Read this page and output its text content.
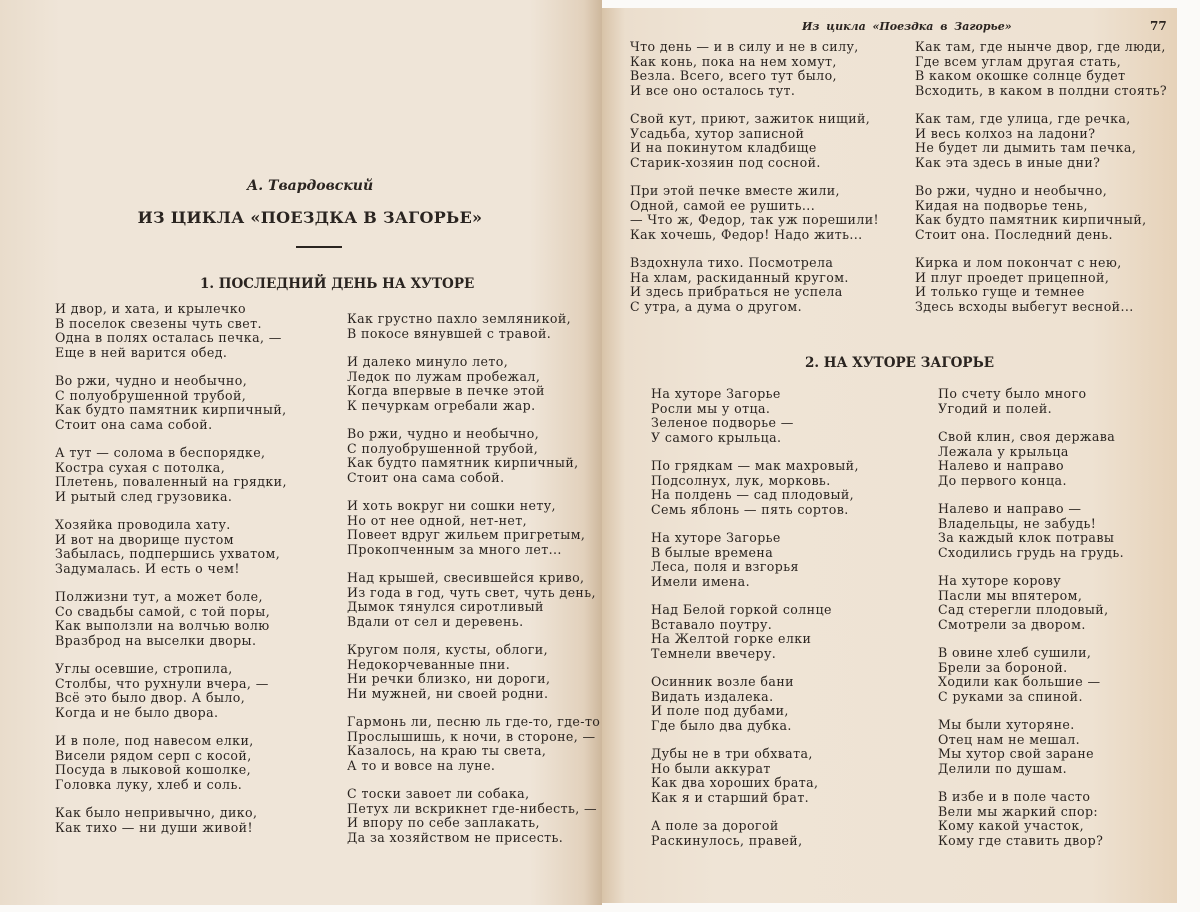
А. Твардовский
ИЗ ЦИКЛА «ПОЕЗДКА В ЗАГОРЬЕ»
1. ПОСЛЕДНИЙ ДЕНЬ НА ХУТОРЕ
И двор, и хата, и крылечко
В поселок свезены чуть свет.
Одна в полях осталась печка, —
Еще в ней варится обед.
Во ржи, чудно и необычно,
С полуобрушенной трубой,
Как будто памятник кирпичный,
Стоит она сама собой.
А тут — солома в беспорядке,
Костра сухая с потолка,
Плетень, поваленный на грядки,
И рытый след грузовика.
Хозяйка проводила хату.
И вот на дворище пустом
Забылась, подпершись ухватом,
Задумалась. И есть о чем!
Полжизни тут, а может боле,
Со свадьбы самой, с той поры,
Как выползли на волчью волю
Вразброд на выселки дворы.
Углы осевшие, стропила,
Столбы, что рухнули вчера, —
Всё это было двор. А было,
Когда и не было двора.
И в поле, под навесом елки,
Висели рядом серп с косой,
Посуда в лыковой кошолке,
Головка луку, хлеб и соль.
Как было непривычно, дико,
Как тихо — ни души живой!
Как грустно пахло земляникой,
В покосе вянувшей с травой.
И далеко минуло лето,
Ледок по лужам пробежал,
Когда впервые в печке этой
К печуркам огребали жар.
Во ржи, чудно и необычно,
С полуобрушенной трубой,
Как будто памятник кирпичный,
Стоит она сама собой.
И хоть вокруг ни сошки нету,
Но от нее одной, нет-нет,
Повеет вдруг жильем пригретым,
Прокопченным за много лет...
Над крышей, свесившейся криво,
Из года в год, чуть свет, чуть день,
Дымок тянулся сиротливый
Вдали от сел и деревень.
Кругом поля, кусты, облоги,
Недокорчеванные пни.
Ни речки близко, ни дороги,
Ни мужней, ни своей родни.
Гармонь ли, песню ль где-то, где-то
Прослышишь, к ночи, в стороне, —
Казалось, на краю ты света,
А то и вовсе на луне.
С тоски завоет ли собака,
Петух ли вскрикнет где-нибесть, —
И впору по себе заплакать,
Да за хозяйством не присесть.
Из цикла «Поездка в Загорье»	77
Что день — и в силу и не в силу,
Как конь, пока на нем хомут,
Везла. Всего, всего тут было,
И все оно осталось тут.
Свой кут, приют, зажиток нищий,
Усадьба, хутор записной
И на покинутом кладбище
Старик-хозяин под сосной.
При этой печке вместе жили,
Одной, самой ее рушить...
— Что ж, Федор, так уж порешили!
Как хочешь, Федор! Надо жить...
Вздохнула тихо. Посмотрела
На хлам, раскиданный кругом.
И здесь прибраться не успела
С утра, а дума о другом.
Как там, где нынче двор, где люди,
Где всем углам другая стать,
В каком окошке солнце будет
Всходить, в каком в полдни стоять?
Как там, где улица, где речка,
И весь колхоз на ладони?
Не будет ли дымить там печка,
Как эта здесь в иные дни?
Во ржи, чудно и необычно,
Кидая на подворье тень,
Как будто памятник кирпичный,
Стоит она. Последний день.
Кирка и лом покончат с нею,
И плуг проедет прицепной,
И только гуще и темнее
Здесь всходы выбегут весной...
2. НА ХУТОРЕ ЗАГОРЬЕ
На хуторе Загорье
Росли мы у отца.
Зеленое подворье —
У самого крыльца.
По грядкам — мак махровый,
Подсолнух, лук, морковь.
На полдень — сад плодовый,
Семь яблонь — пять сортов.
На хуторе Загорье
В былые времена
Леса, поля и взгорья
Имели имена.
Над Белой горкой солнце
Вставало поутру.
На Желтой горке елки
Темнели ввечеру.
Осинник возле бани
Видать издалека.
И поле под дубами,
Где было два дубка.
Дубы не в три обхвата,
Но были аккурат
Как два хороших брата,
Как я и старший брат.
А поле за дорогой
Раскинулось, правей,
По счету было много
Угодий и полей.
Свой клин, своя держава
Лежала у крыльца
Налево и направо
До первого конца.
Налево и направо —
Владельцы, не забудь!
За каждый клок потравы
Сходились грудь на грудь.
На хуторе корову
Пасли мы впятером,
Сад стерегли плодовый,
Смотрели за двором.
В овине хлеб сушили,
Брели за бороной.
Ходили как большие —
С руками за спиной.
Мы были хуторяне.
Отец нам не мешал.
Мы хутор свой заране
Делили по душам.
В избе и в поле часто
Вели мы жаркий спор:
Кому какой участок,
Кому где ставить двор?
